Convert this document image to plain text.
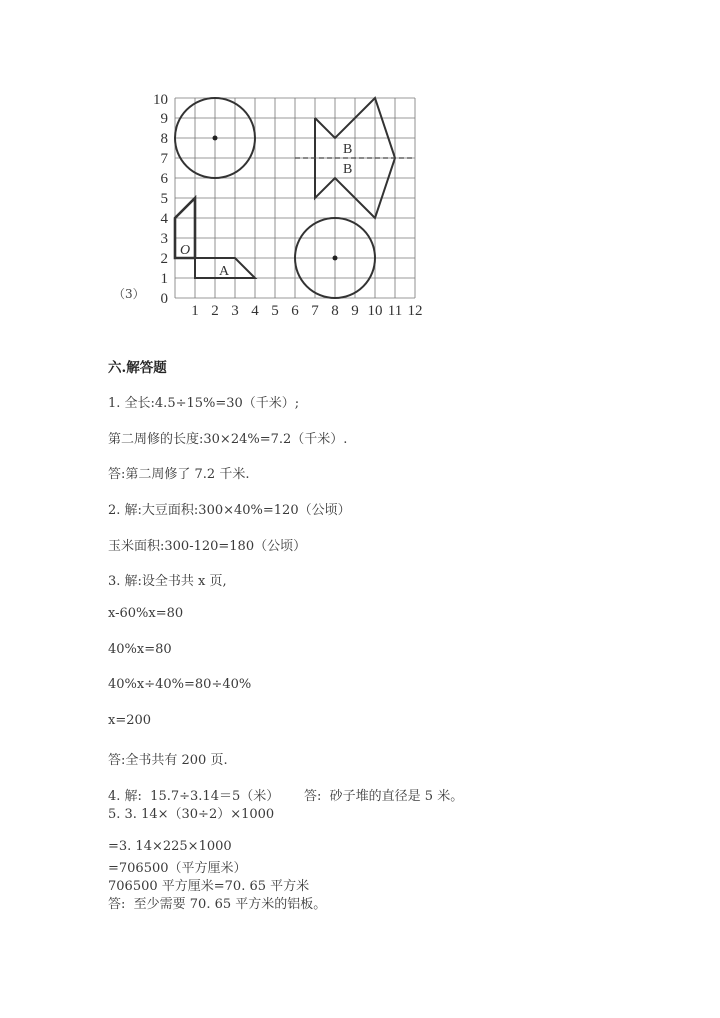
O
A
B
B
0
1
2
3
4
5
6
7
8
9
10
1 2 3 4 5 6 7 8 9 10 11 12
（3）
六.解答题
1. 全长:4.5÷15%=30（千米）;
第二周修的长度:30×24%=7.2（千米）.
答:第二周修了 7.2 千米.
2. 解:大豆面积:300×40%=120（公顷）
玉米面积:300-120=180（公顷）
3. 解:设全书共 x 页,
x-60%x=80
40%x=80
40%x÷40%=80÷40%
x=200
答:全书共有 200 页.
4. 解:  15.7÷3.14＝5（米）      答:  砂子堆的直径是 5 米。
5. 3. 14×（30÷2）×1000
=3. 14×225×1000
=706500（平方厘米）
706500 平方厘米=70. 65 平方米
答:  至少需要 70. 65 平方米的铝板。
